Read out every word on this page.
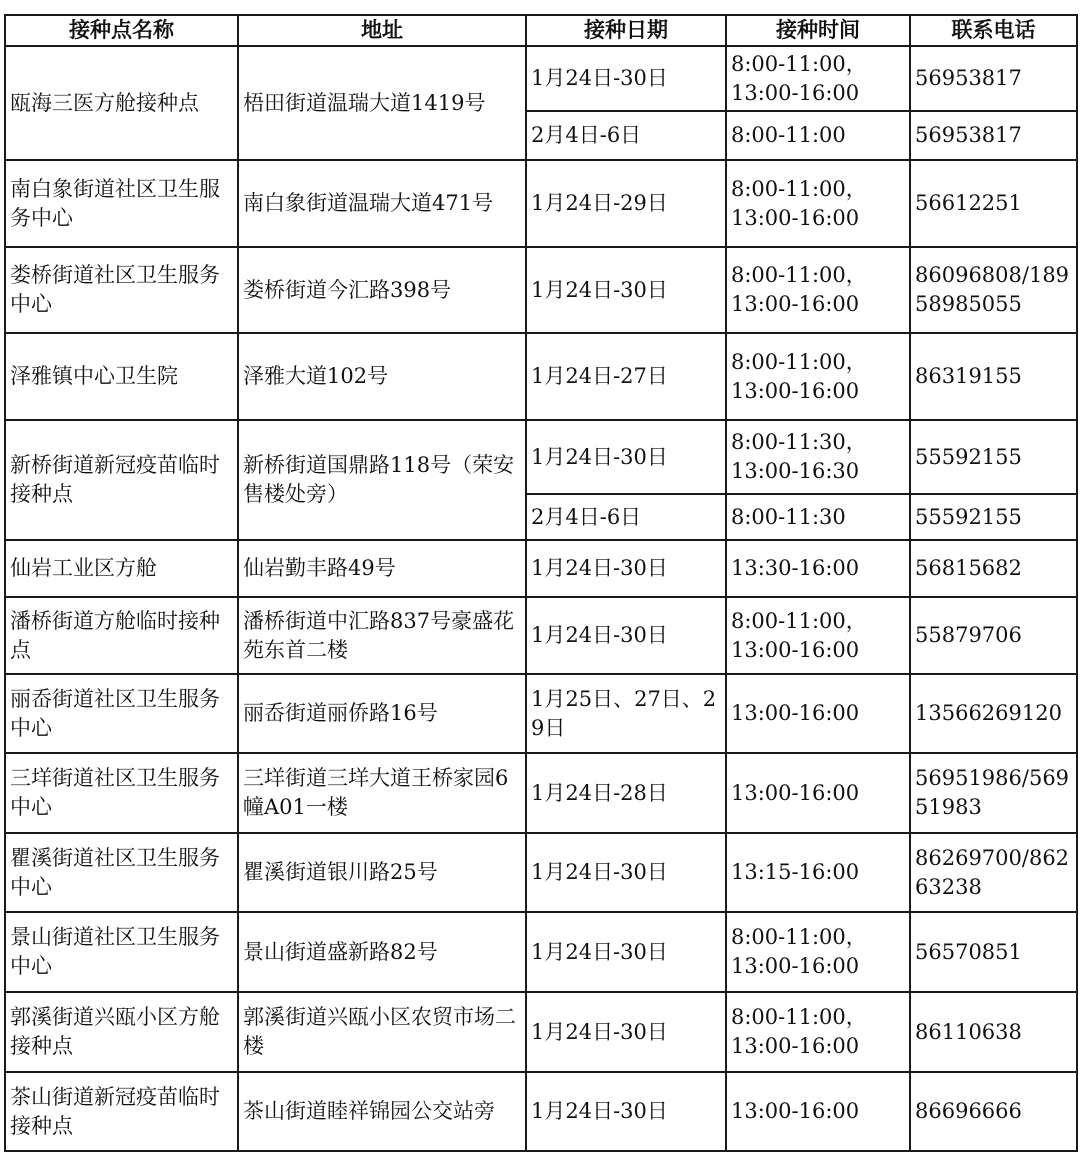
接种点名称	地址	接种日期	接种时间	联系电话

瓯海三医方舱接种点	梧田街道温瑞大道1419号	1月24日-30日	8:00-11:00，
13:00-16:00	56953817

		2月4日-6日	8:00-11:00	56953817

南白象街道社区卫生服务中心	南白象街道温瑞大道471号	1月24日-29日	8:00-11:00，
13:00-16:00	56612251

娄桥街道社区卫生服务中心	娄桥街道今汇路398号	1月24日-30日	8:00-11:00，
13:00-16:00	86096808/18958985055

泽雅镇中心卫生院	泽雅大道102号	1月24日-27日	8:00-11:00，
13:00-16:00	86319155

新桥街道新冠疫苗临时接种点	新桥街道国鼎路118号（荣安售楼处旁）	1月24日-30日	8:00-11:30，
13:00-16:30	55592155

		2月4日-6日	8:00-11:30	55592155

仙岩工业区方舱	仙岩勤丰路49号	1月24日-30日	13:30-16:00	56815682

潘桥街道方舱临时接种点	潘桥街道中汇路837号豪盛花苑东首二楼	1月24日-30日	8:00-11:00，
13:00-16:00	55879706

丽岙街道社区卫生服务中心	丽岙街道丽侨路16号	1月25日、27日、29日	13:00-16:00	13566269120

三垟街道社区卫生服务中心	三垟街道三垟大道王桥家园6幢A01一楼	1月24日-28日	13:00-16:00	56951986/56951983

瞿溪街道社区卫生服务中心	瞿溪街道银川路25号	1月24日-30日	13:15-16:00	86269700/86263238

景山街道社区卫生服务中心	景山街道盛新路82号	1月24日-30日	8:00-11:00，
13:00-16:00	56570851

郭溪街道兴瓯小区方舱接种点	郭溪街道兴瓯小区农贸市场二楼	1月24日-30日	8:00-11:00，
13:00-16:00	86110638

茶山街道新冠疫苗临时接种点	茶山街道睦祥锦园公交站旁	1月24日-30日	13:00-16:00	86696666
